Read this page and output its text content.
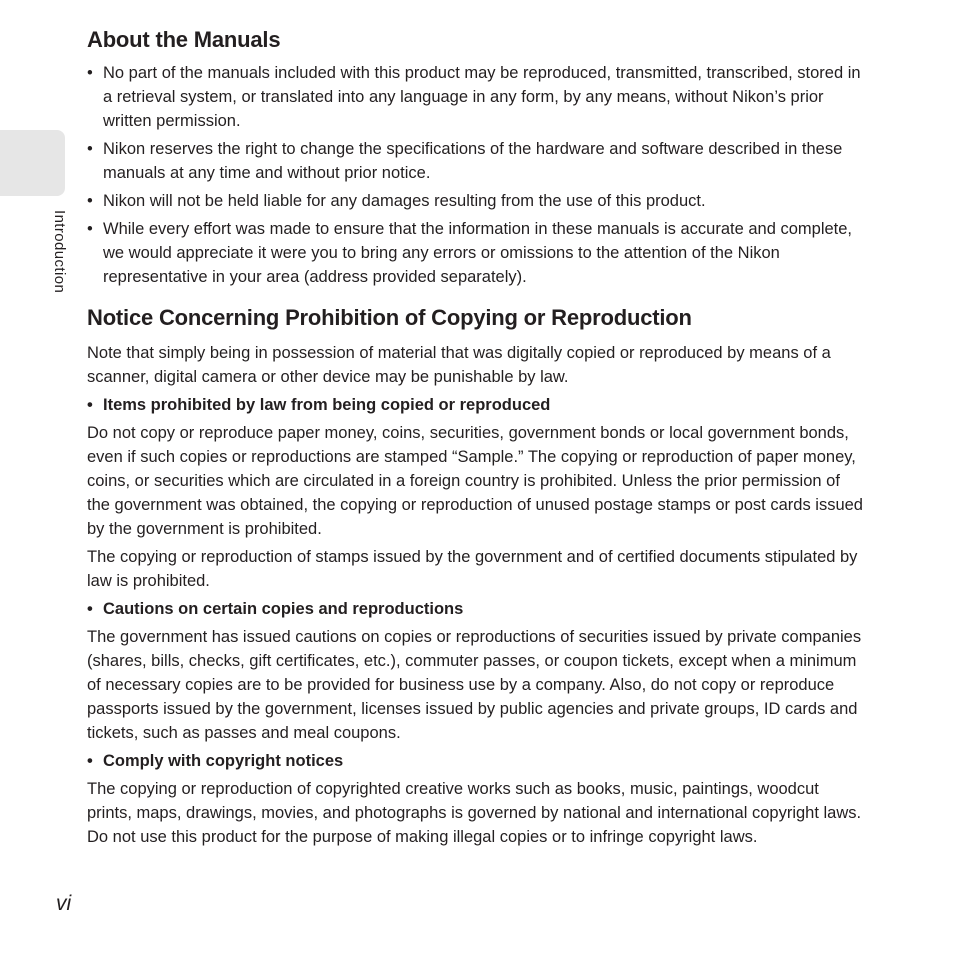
Introduction
About the Manuals
• No part of the manuals included with this product may be reproduced, transmitted, transcribed, stored in a retrieval system, or translated into any language in any form, by any means, without Nikon’s prior written permission.
• Nikon reserves the right to change the specifications of the hardware and software described in these manuals at any time and without prior notice.
• Nikon will not be held liable for any damages resulting from the use of this product.
• While every effort was made to ensure that the information in these manuals is accurate and complete, we would appreciate it were you to bring any errors or omissions to the attention of the Nikon representative in your area (address provided separately).
Notice Concerning Prohibition of Copying or Reproduction

Note that simply being in possession of material that was digitally copied or reproduced by means of a scanner, digital camera or other device may be punishable by law.

• Items prohibited by law from being copied or reproduced

Do not copy or reproduce paper money, coins, securities, government bonds or local government bonds, even if such copies or reproductions are stamped “Sample.” The copying or reproduction of paper money, coins, or securities which are circulated in a foreign country is prohibited. Unless the prior permission of the government was obtained, the copying or reproduction of unused postage stamps or post cards issued by the government is prohibited.

The copying or reproduction of stamps issued by the government and of certified documents stipulated by law is prohibited.

• Cautions on certain copies and reproductions

The government has issued cautions on copies or reproductions of securities issued by private companies (shares, bills, checks, gift certificates, etc.), commuter passes, or coupon tickets, except when a minimum of necessary copies are to be provided for business use by a company. Also, do not copy or reproduce passports issued by the government, licenses issued by public agencies and private groups, ID cards and tickets, such as passes and meal coupons.

• Comply with copyright notices

The copying or reproduction of copyrighted creative works such as books, music, paintings, woodcut prints, maps, drawings, movies, and photographs is governed by national and international copyright laws. Do not use this product for the purpose of making illegal copies or to infringe copyright laws.

vi
